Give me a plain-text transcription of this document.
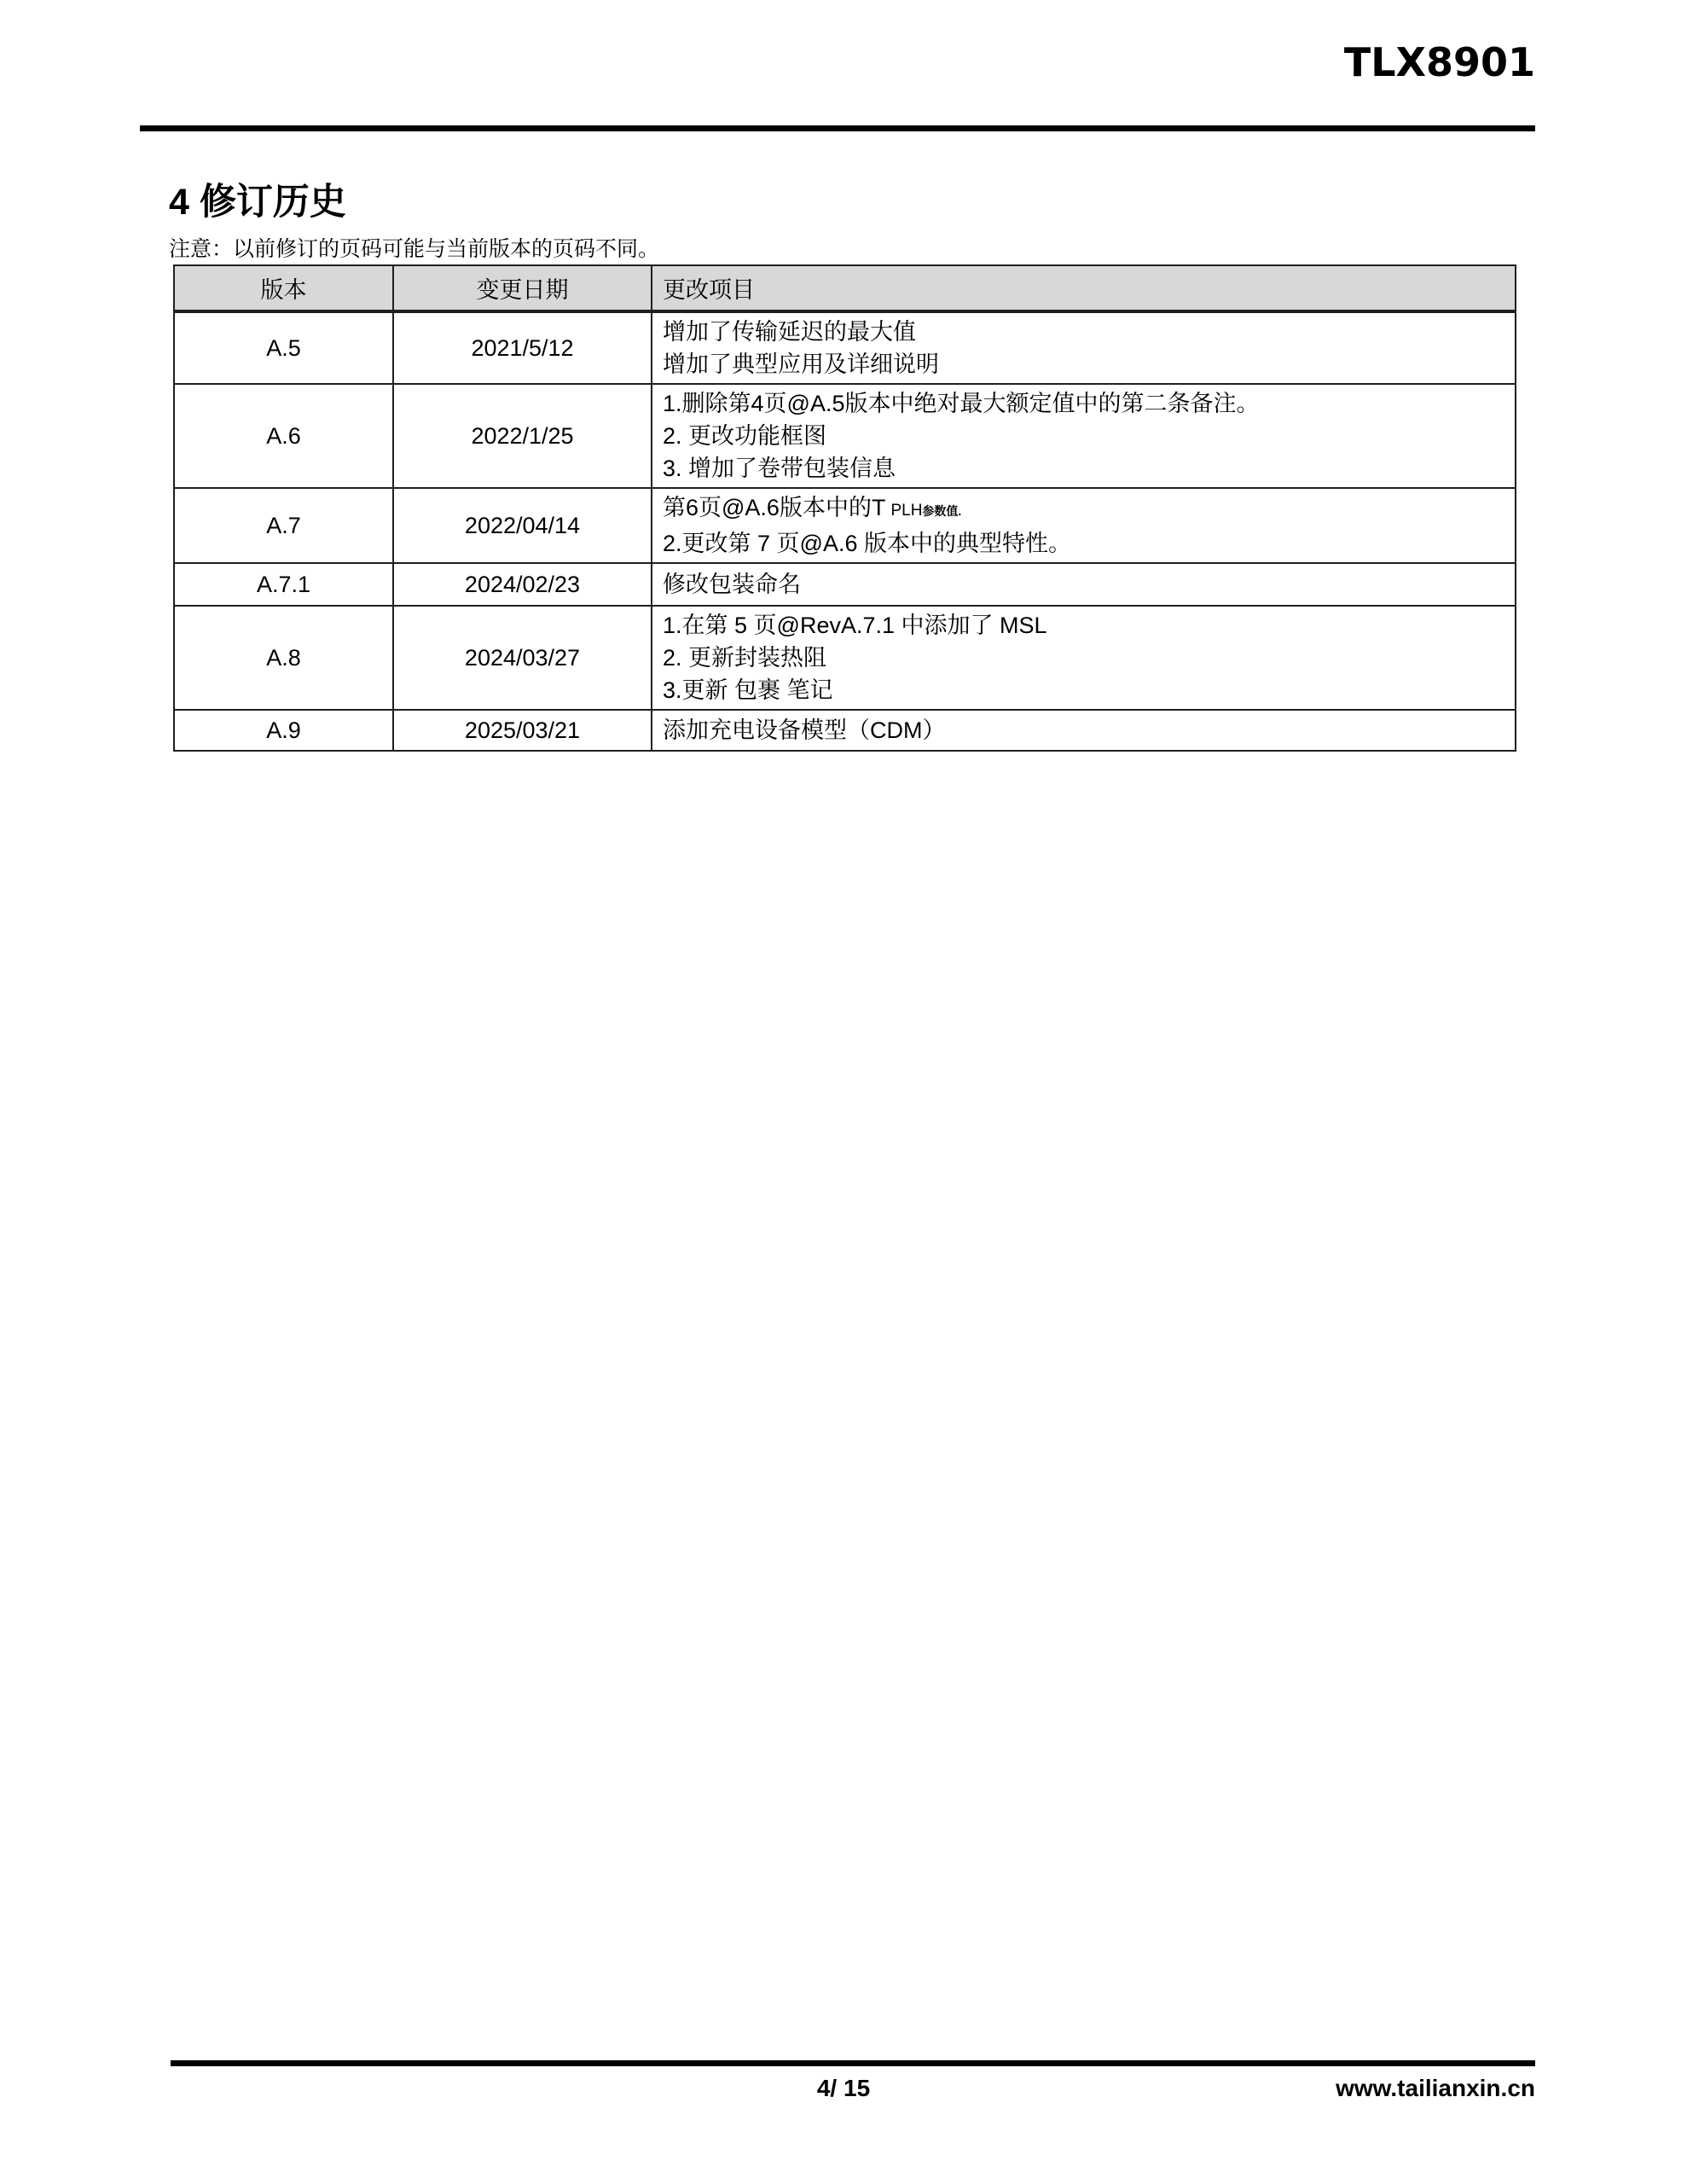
TLX8901
4 修订历史
注意：以前修订的页码可能与当前版本的页码不同。
版本	变更日期	更改项目
A.5	2021/5/12	增加了传输延迟的最大值
增加了典型应用及详细说明

A.6	2022/1/25	1.删除第4页@A.5版本中绝对最大额定值中的第二条备注。
2. 更改功能框图
3. 增加了卷带包装信息

A.7	2022/04/14	第6页@A.6版本中的T PLH参数值.
2.更改第 7 页@A.6 版本中的典型特性。

A.7.1	2024/02/23	修改包装命名

A.8	2024/03/27	1.在第 5 页@RevA.7.1 中添加了 MSL
2. 更新封装热阻
3.更新 包裹 笔记

A.9	2025/03/21	添加充电设备模型（CDM）
4/ 15	www.tailianxin.cn
